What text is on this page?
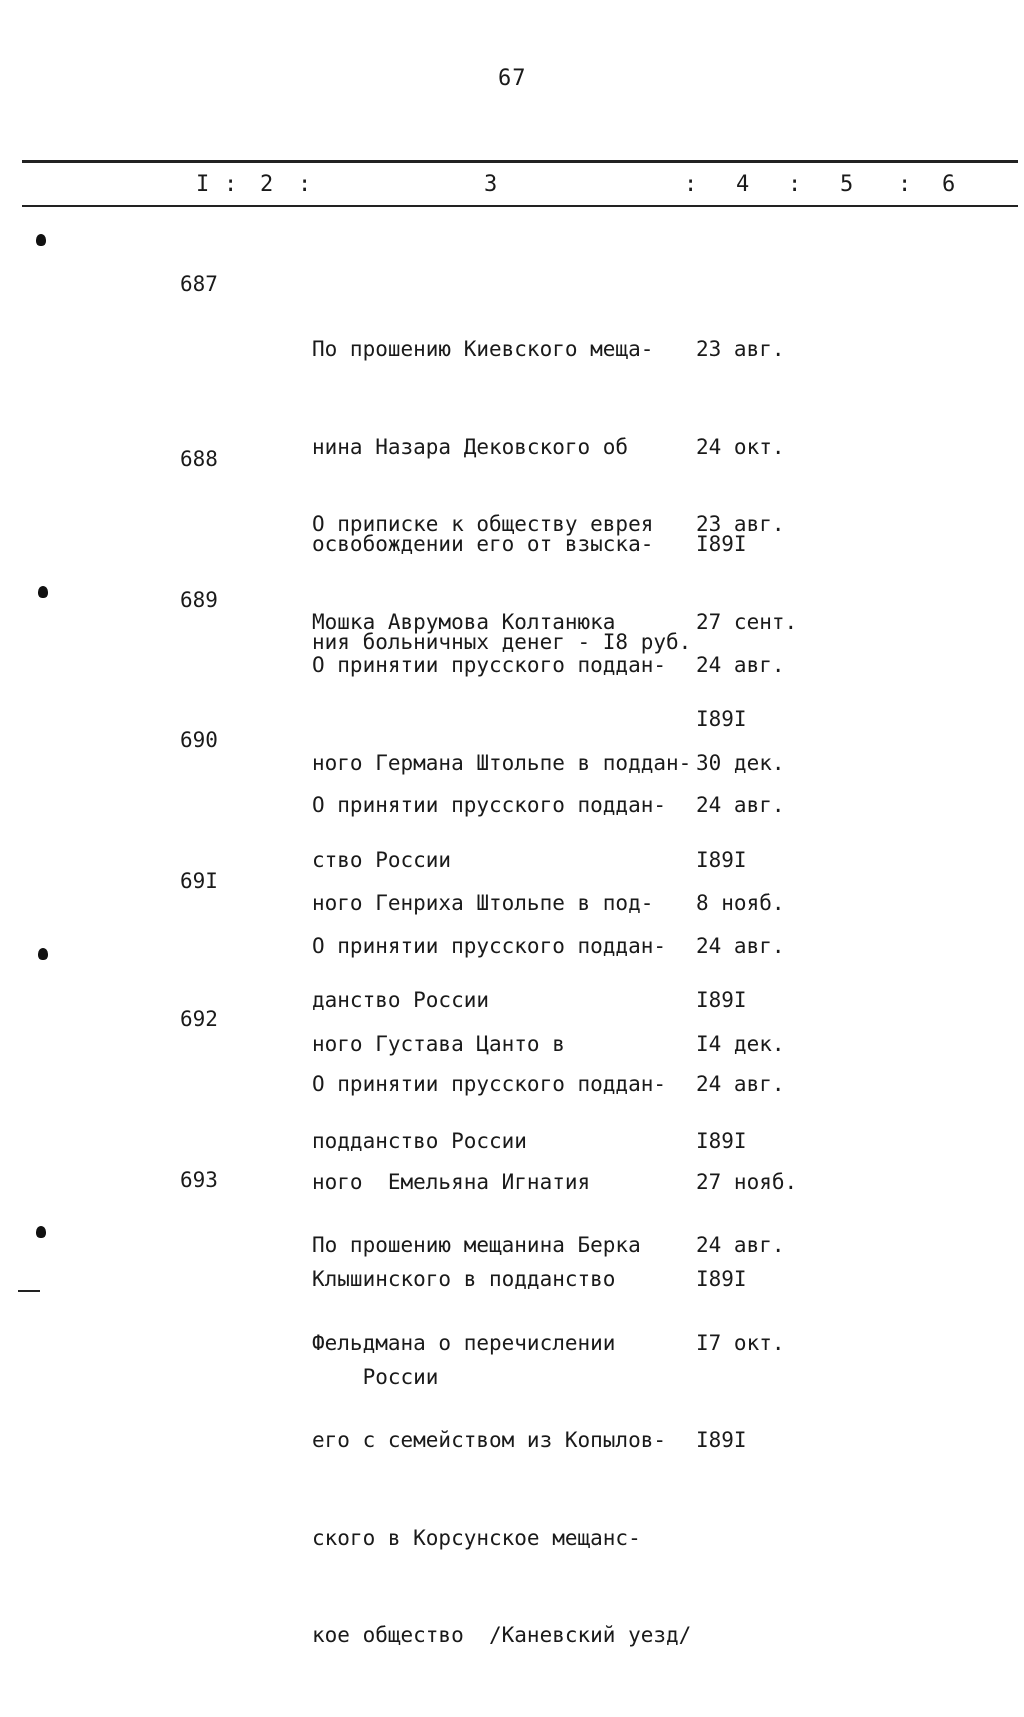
67
I : 2 :	3	: 4 : 5 : 6
687

По прошению Киевского меща-

нина Назара Дековского об

освобождении его от взыска-

ния больничных денег - I8 руб.

23 авг.

24 окт.

I89I

688

О приписке к обществу еврея

Мошка Аврумова Колтанюка

23 авг.

27 сент.

I89I

689

О принятии прусского поддан-

ного Германа Штольпе в поддан-

ство России

24 авг.

30 дек.

I89I

690

О принятии прусского поддан-

ного Генриха Штольпе в под-

данство России

24 авг.

8 нояб.

I89I

69I

О принятии прусского поддан-

ного Густава Цанто в

подданство России

24 авг.

I4 дек.

I89I

692

О принятии прусского поддан-

ного  Емельяна Игнатия

Клышинского в подданство

России

24 авг.

27 нояб.

I89I

693

По прошению мещанина Берка

Фельдмана о перечислении

его с семейством из Копылов-

ского в Корсунское мещанс-

кое общество  /Каневский уезд/

24 авг.

I7 окт.

I89I
